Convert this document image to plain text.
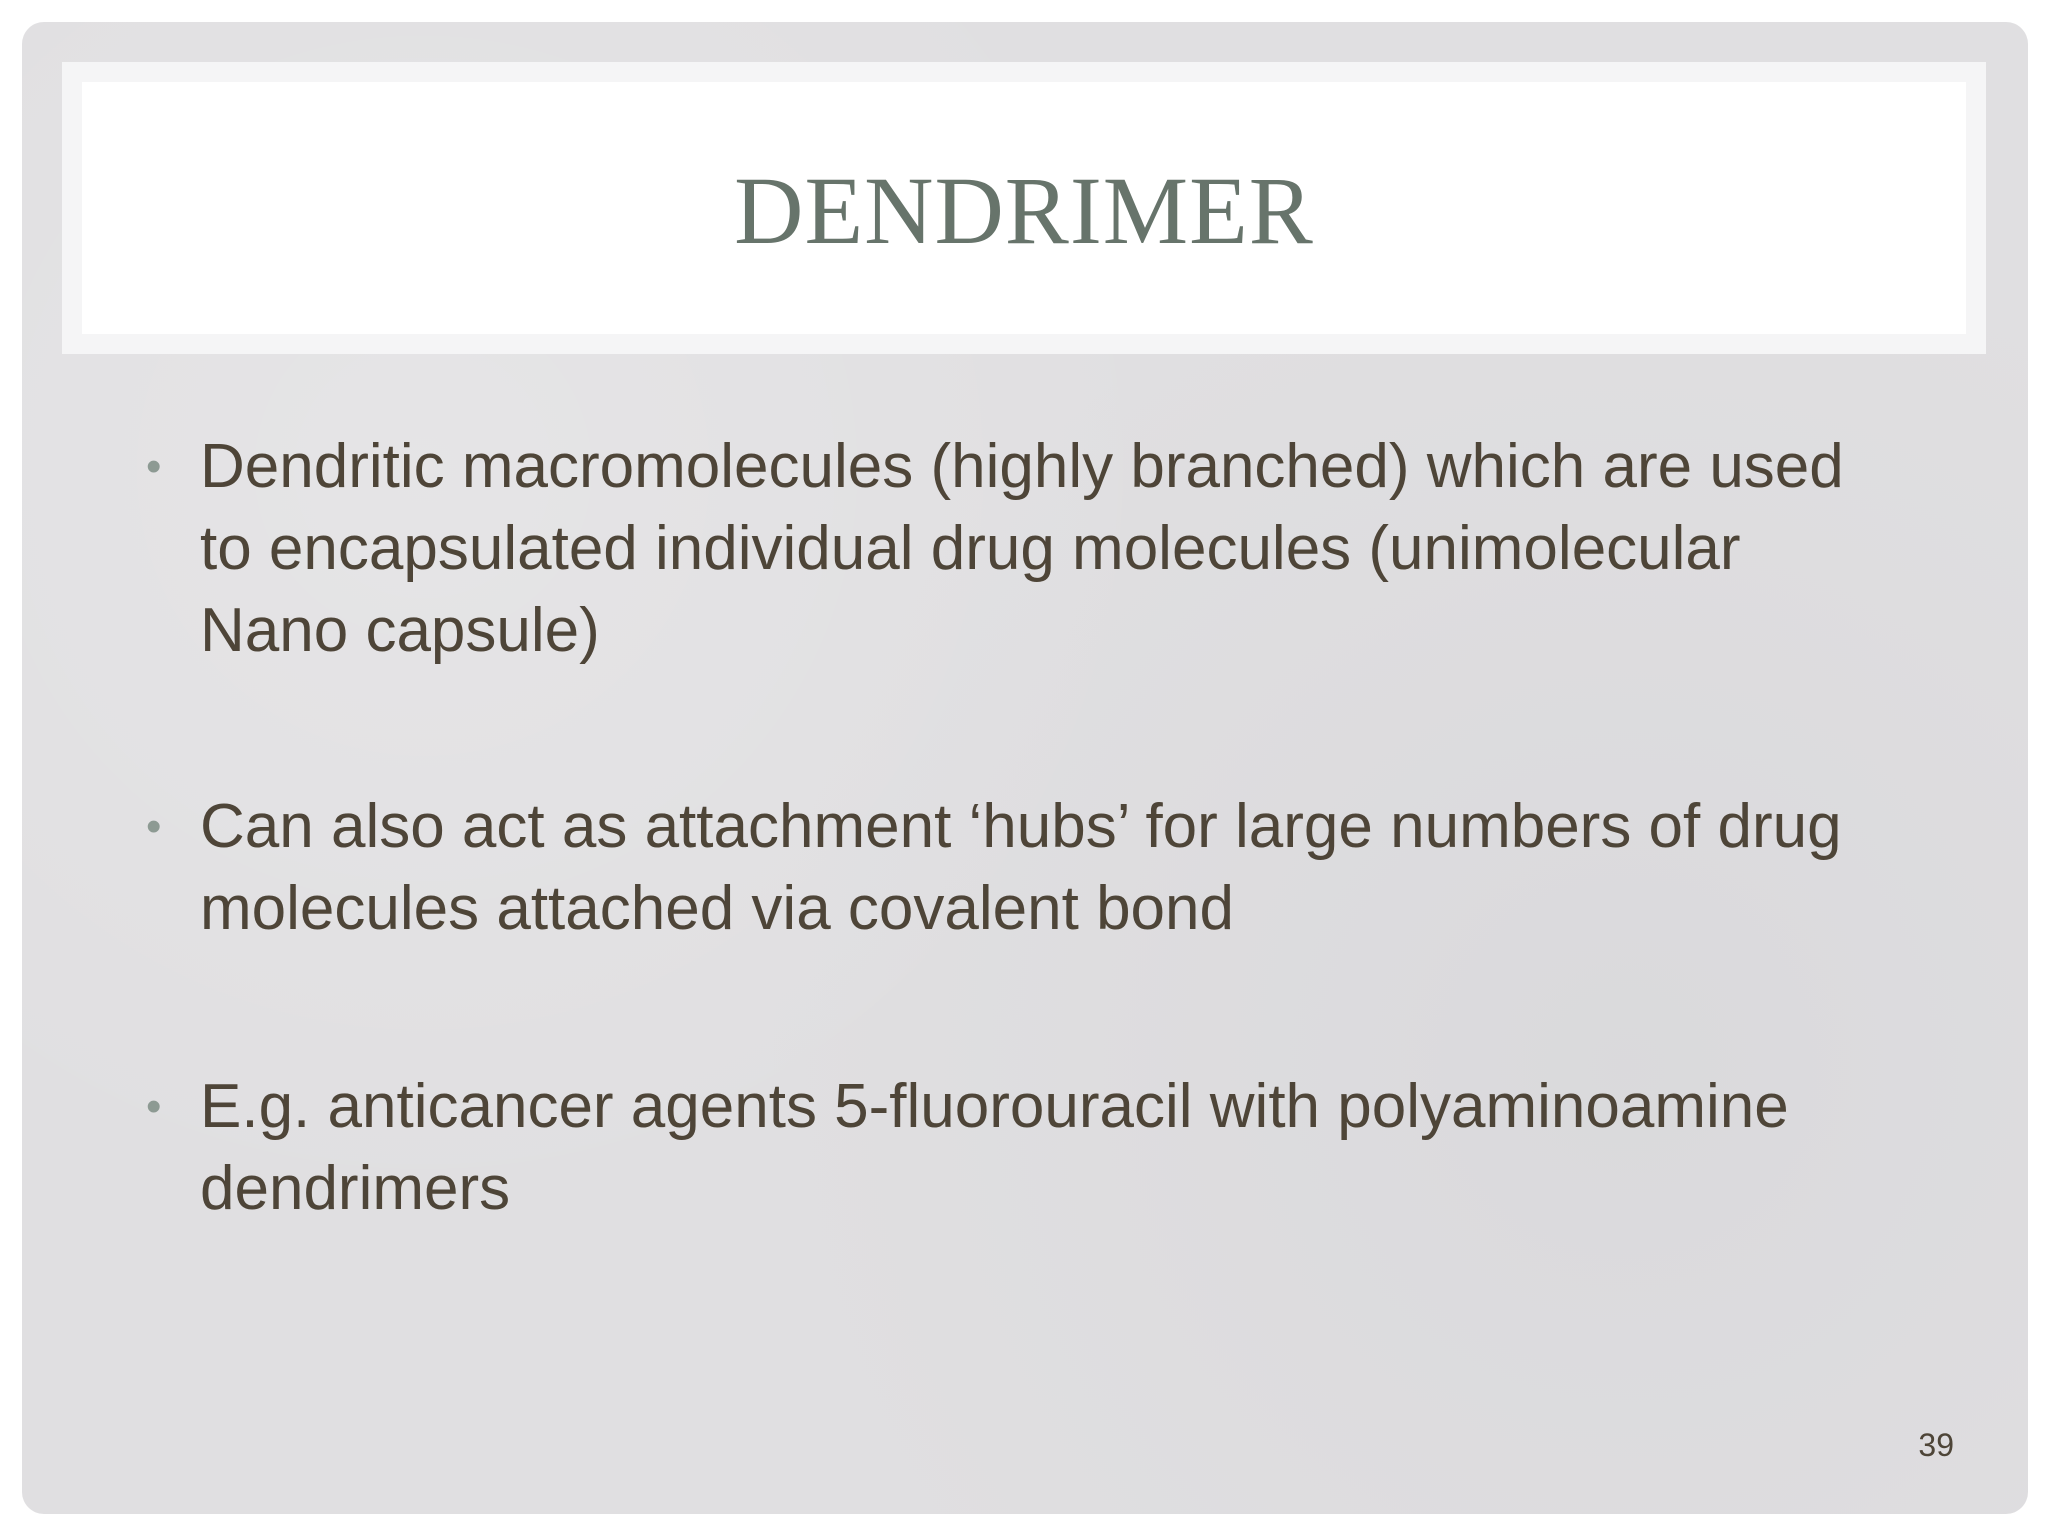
DENDRIMER
• Dendritic macromolecules (highly branched) which are used to encapsulated individual drug molecules (unimolecular Nano capsule)
• Can also act as attachment ‘hubs’ for large numbers of drug molecules attached via covalent bond
• E.g. anticancer agents 5-fluorouracil with polyaminoamine dendrimers
39
